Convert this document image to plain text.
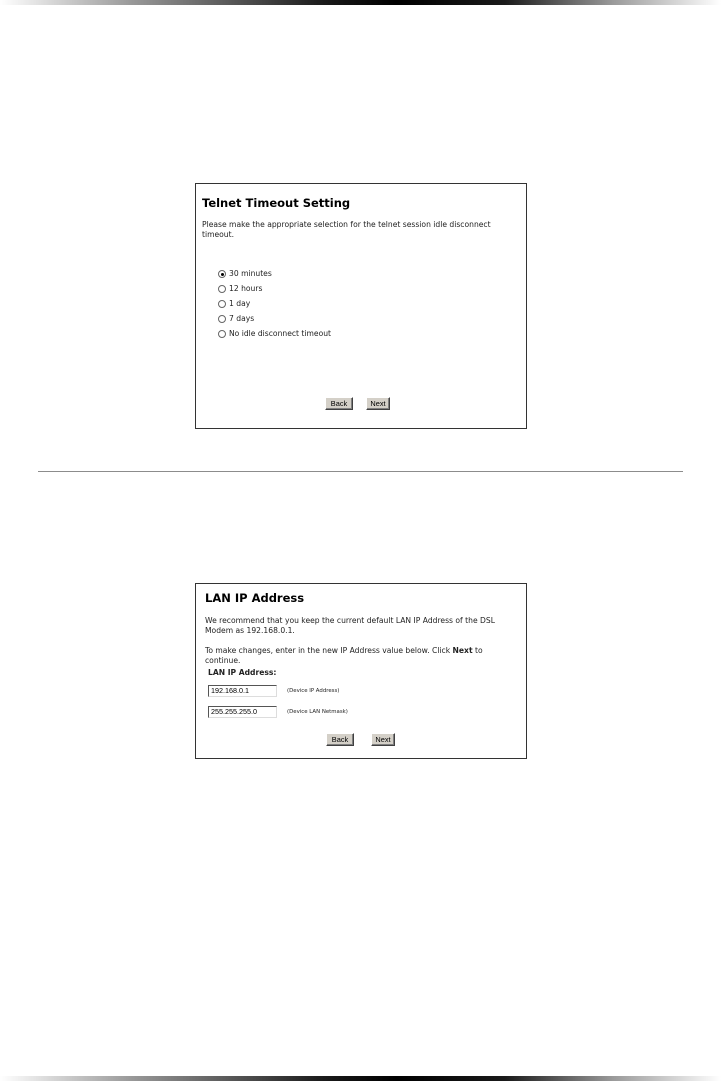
Telnet Timeout Setting
Please make the appropriate selection for the telnet session idle disconnect timeout.
30 minutes
12 hours
1 day
7 days
No idle disconnect timeout
Back	Next
LAN IP Address
We recommend that you keep the current default LAN IP Address of the DSL Modem as 192.168.0.1.
To make changes, enter in the new IP Address value below. Click Next to continue.
LAN IP Address:
192.168.0.1	(Device IP Address)
255.255.255.0	(Device LAN Netmask)
Back	Next
